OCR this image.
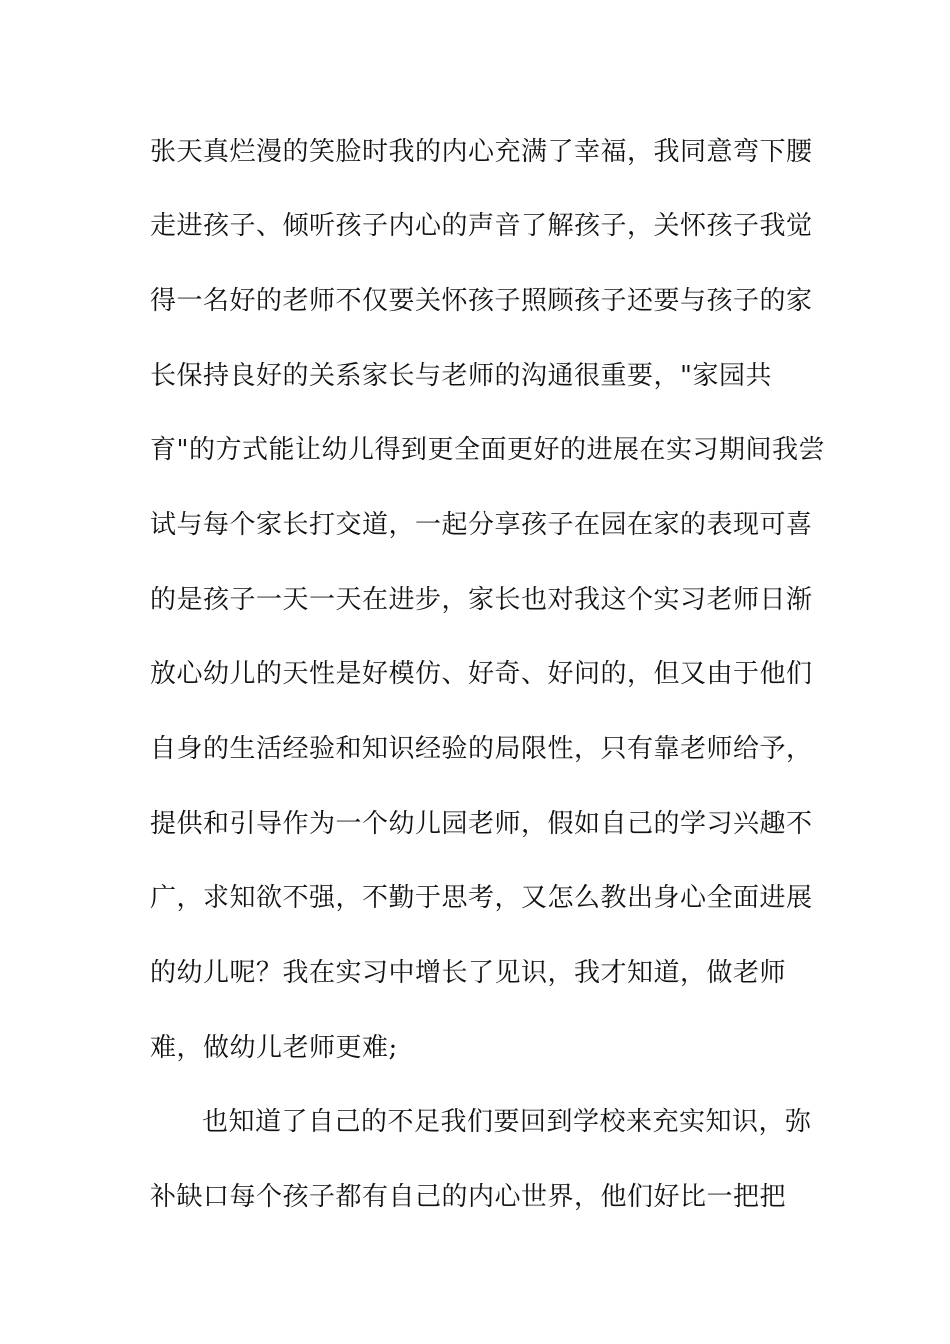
张天真烂漫的笑脸时我的内心充满了幸福，我同意弯下腰
走进孩子、倾听孩子内心的声音了解孩子，关怀孩子我觉
得一名好的老师不仅要关怀孩子照顾孩子还要与孩子的家
长保持良好的关系家长与老师的沟通很重要，"家园共
育"的方式能让幼儿得到更全面更好的进展在实习期间我尝
试与每个家长打交道，一起分享孩子在园在家的表现可喜
的是孩子一天一天在进步，家长也对我这个实习老师日渐
放心幼儿的天性是好模仿、好奇、好问的，但又由于他们
自身的生活经验和知识经验的局限性，只有靠老师给予，
提供和引导作为一个幼儿园老师，假如自己的学习兴趣不
广，求知欲不强，不勤于思考，又怎么教出身心全面进展
的幼儿呢？我在实习中增长了见识，我才知道，做老师
难，做幼儿老师更难;
也知道了自己的不足我们要回到学校来充实知识，弥
补缺口每个孩子都有自己的内心世界，他们好比一把把
